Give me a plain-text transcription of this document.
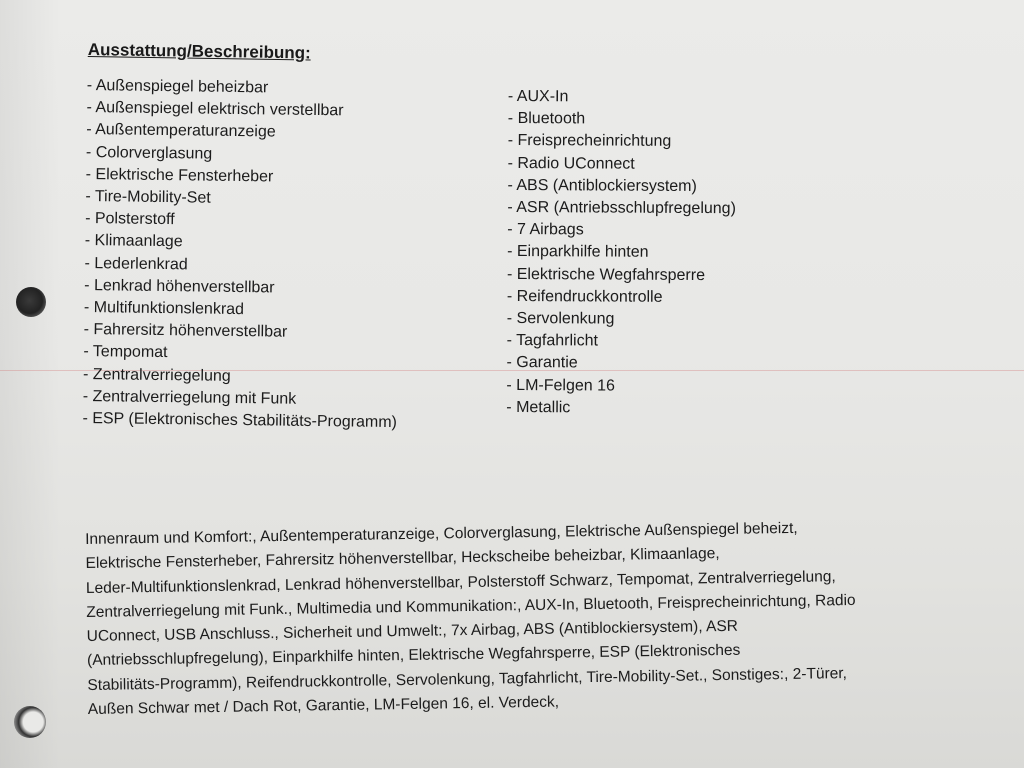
Ausstattung/Beschreibung:
- Außenspiegel beheizbar
- Außenspiegel elektrisch verstellbar
- Außentemperaturanzeige
- Colorverglasung
- Elektrische Fensterheber
- Tire-Mobility-Set
- Polsterstoff
- Klimaanlage
- Lederlenkrad
- Lenkrad höhenverstellbar
- Multifunktionslenkrad
- Fahrersitz höhenverstellbar
- Tempomat
- Zentralverriegelung
- Zentralverriegelung mit Funk
- ESP (Elektronisches Stabilitäts-Programm)
- AUX-In
- Bluetooth
- Freisprecheinrichtung
- Radio UConnect
- ABS (Antiblockiersystem)
- ASR (Antriebsschlupfregelung)
- 7 Airbags
- Einparkhilfe hinten
- Elektrische Wegfahrsperre
- Reifendruckkontrolle
- Servolenkung
- Tagfahrlicht
- Garantie
- LM-Felgen 16
- Metallic
Innenraum und Komfort:, Außentemperaturanzeige, Colorverglasung, Elektrische Außenspiegel beheizt,
Elektrische Fensterheber, Fahrersitz höhenverstellbar, Heckscheibe beheizbar, Klimaanlage,
Leder-Multifunktionslenkrad, Lenkrad höhenverstellbar, Polsterstoff Schwarz, Tempomat, Zentralverriegelung,
Zentralverriegelung mit Funk., Multimedia und Kommunikation:, AUX-In, Bluetooth, Freisprecheinrichtung, Radio
UConnect, USB Anschluss., Sicherheit und Umwelt:, 7x Airbag, ABS (Antiblockiersystem), ASR
(Antriebsschlupfregelung), Einparkhilfe hinten, Elektrische Wegfahrsperre, ESP (Elektronisches
Stabilitäts-Programm), Reifendruckkontrolle, Servolenkung, Tagfahrlicht, Tire-Mobility-Set., Sonstiges:, 2-Türer,
Außen Schwar met / Dach Rot, Garantie, LM-Felgen 16, el. Verdeck,
